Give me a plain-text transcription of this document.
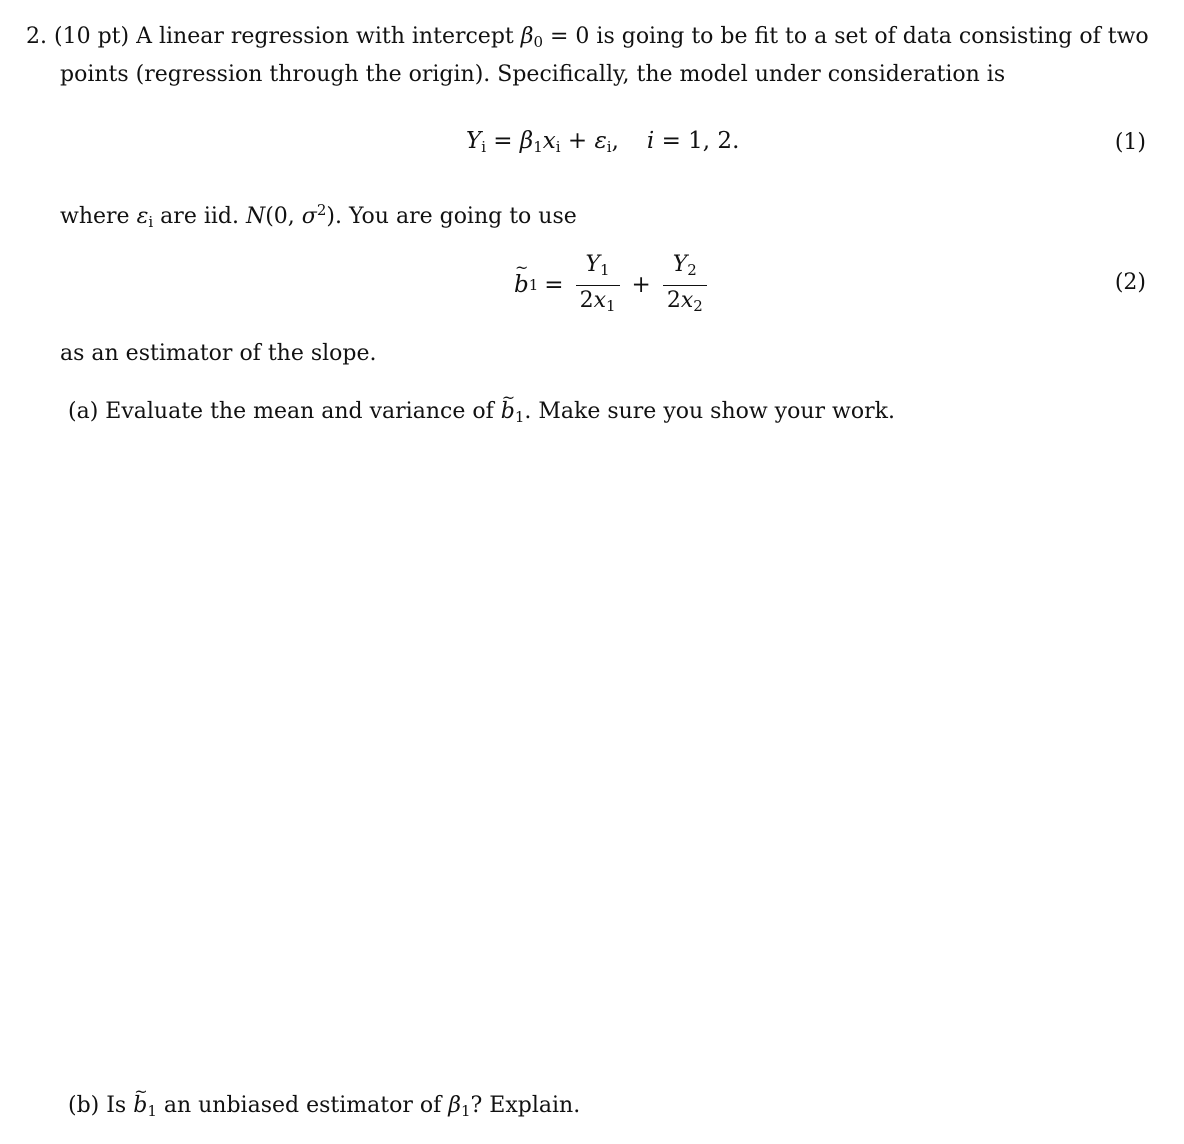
2. (10 pt) A linear regression with intercept $\beta_0 = 0$ is going to be fit to a set of data consisting of two
points (regression through the origin). Specifically, the model under consideration is
$Y_i = \beta_1x_i + \varepsilon_i$, i = 1, 2.	(1)
where $\varepsilon_i$ are iid. N(0, $\sigma^2$). You are going to use
~ b $1 = \frac{Y_1}{2x_1} + \frac{Y_2}{2x_2}$	(2)
as an estimator of the slope.
(a) Evaluate the mean and variance of ~ $b_1$. Make sure you show your work.
(b) Is ~ $b_1$ an unbiased estimator of $\beta_1$? Explain.
